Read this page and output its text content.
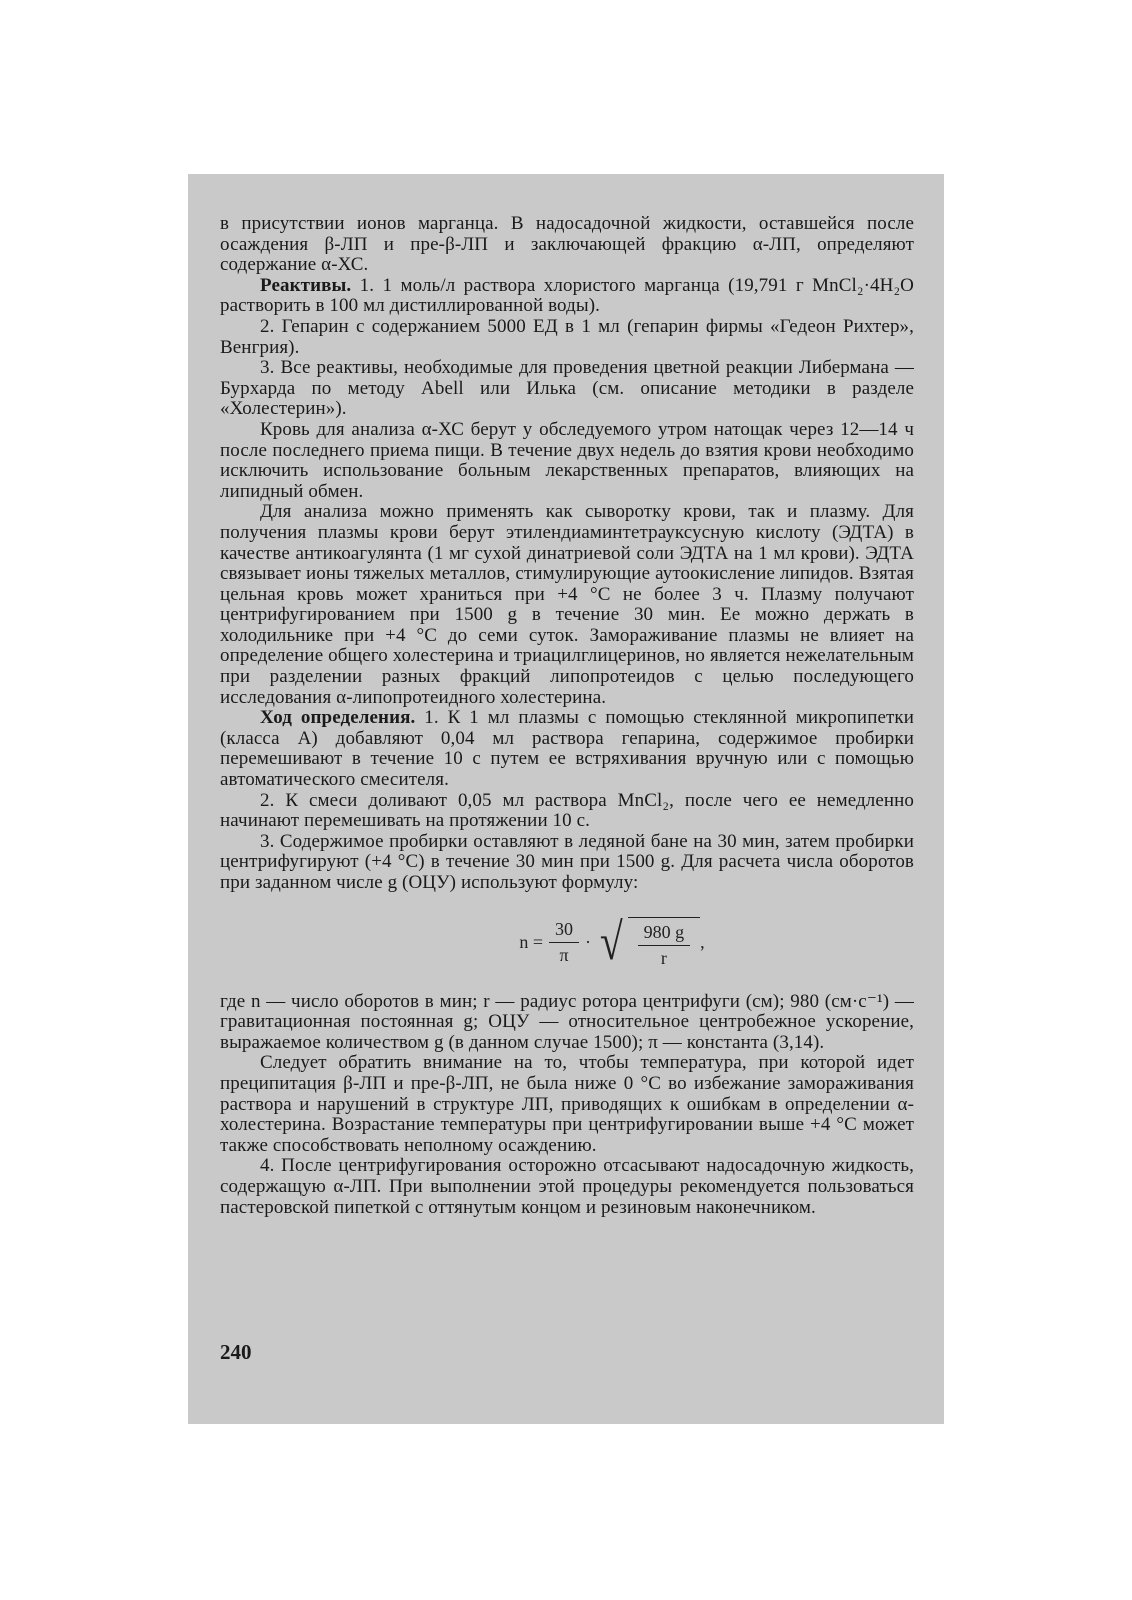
в присутствии ионов марганца. В надосадочной жидкости, оставшейся после осаждения β-ЛП и пре-β-ЛП и заключающей фракцию α-ЛП, определяют содержание α-ХС.

Реактивы. 1. 1 моль/л раствора хлористого марганца (19,791 г MnCl₂·4H₂O растворить в 100 мл дистиллированной воды).

2. Гепарин с содержанием 5000 ЕД в 1 мл (гепарин фирмы «Гедеон Рихтер», Венгрия).

3. Все реактивы, необходимые для проведения цветной реакции Либермана — Бурхарда по методу Abell или Илька (см. описание методики в разделе «Холестерин»).

Кровь для анализа α-ХС берут у обследуемого утром натощак через 12—14 ч после последнего приема пищи. В течение двух недель до взятия крови необходимо исключить использование больным лекарственных препаратов, влияющих на липидный обмен.

Для анализа можно применять как сыворотку крови, так и плазму. Для получения плазмы крови берут этилендиаминтетрауксусную кислоту (ЭДТА) в качестве антикоагулянта (1 мг сухой динатриевой соли ЭДТА на 1 мл крови). ЭДТА связывает ионы тяжелых металлов, стимулирующие аутоокисление липидов. Взятая цельная кровь может храниться при +4 °С не более 3 ч. Плазму получают центрифугированием при 1500 g в течение 30 мин. Ее можно держать в холодильнике при +4 °С до семи суток. Замораживание плазмы не влияет на определение общего холестерина и триацилглицеринов, но является нежелательным при разделении разных фракций липопротеидов с целью последующего исследования α-липопротеидного холестерина.

Ход определения. 1. К 1 мл плазмы с помощью стеклянной микропипетки (класса А) добавляют 0,04 мл раствора гепарина, содержимое пробирки перемешивают в течение 10 с путем ее встряхивания вручную или с помощью автоматического смесителя.

2. К смеси доливают 0,05 мл раствора MnCl₂, после чего ее немедленно начинают перемешивать на протяжении 10 с.

3. Содержимое пробирки оставляют в ледяной бане на 30 мин, затем пробирки центрифугируют (+4 °С) в течение 30 мин при 1500 g. Для расчета числа оборотов при заданном числе g (ОЦУ) используют формулу:

$n = \frac{30}{\pi}$ · √ $\frac{980 g}{r}$ ,

где n — число оборотов в мин; r — радиус ротора центрифуги (см); 980 (см·с⁻¹) — гравитационная постоянная g; ОЦУ — относительное центробежное ускорение, выражаемое количеством g (в данном случае 1500); π — константа (3,14).

Следует обратить внимание на то, чтобы температура, при которой идет преципитация β-ЛП и пре-β-ЛП, не была ниже 0 °С во избежание замораживания раствора и нарушений в структуре ЛП, приводящих к ошибкам в определении α-холестерина. Возрастание температуры при центрифугировании выше +4 °С может также способствовать неполному осаждению.

4. После центрифугирования осторожно отсасывают надосадочную жидкость, содержащую α-ЛП. При выполнении этой процедуры рекомендуется пользоваться пастеровской пипеткой с оттянутым концом и резиновым наконечником.

240
